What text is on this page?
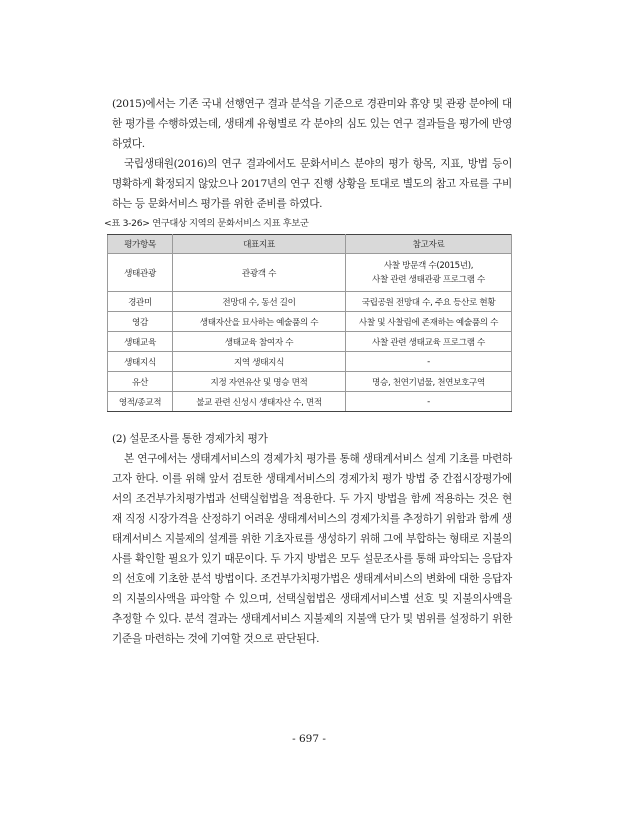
(2015)에서는 기존 국내 선행연구 결과 분석을 기준으로 경관미와 휴양 및 관광 분야에 대한 평가를 수행하였는데, 생태계 유형별로 각 분야의 심도 있는 연구 결과들을 평가에 반영하였다.

국립생태원(2016)의 연구 결과에서도 문화서비스 분야의 평가 항목, 지표, 방법 등이 명확하게 확정되지 않았으나 2017년의 연구 진행 상황을 토대로 별도의 참고 자료를 구비하는 등 문화서비스 평가를 위한 준비를 하였다.

<표 3-26> 연구대상 지역의 문화서비스 지표 후보군

평가항목	대표지표	참고자료
생태관광	관광객 수	사찰 방문객 수(2015년),
사찰 관련 생태관광 프로그램 수

경관미	전망대 수, 동선 길이	국립공원 전망대 수, 주요 등산로 현황
영감	생태자산을 묘사하는 예술품의 수	사찰 및 사찰림에 존재하는 예술품의 수
생태교육	생태교육 참여자 수	사찰 관련 생태교육 프로그램 수
생태지식	지역 생태지식	-
유산	지정 자연유산 및 명승 면적	명승, 천연기념물, 천연보호구역
영적/종교적	불교 관련 신성시 생태자산 수, 면적	-

(2) 설문조사를 통한 경제가치 평가

본 연구에서는 생태계서비스의 경제가치 평가를 통해 생태계서비스 설계 기초를 마련하고자 한다. 이를 위해 앞서 검토한 생태계서비스의 경제가치 평가 방법 중 간접시장평가에서의 조건부가치평가법과 선택실험법을 적용한다. 두 가지 방법을 함께 적용하는 것은 현재 직정 시장가격을 산정하기 어려운 생태계서비스의 경제가치를 추정하기 위함과 함께 생태계서비스 지불제의 설계를 위한 기초자료를 생성하기 위해 그에 부합하는 형태로 지불의사를 확인할 필요가 있기 때문이다. 두 가지 방법은 모두 설문조사를 통해 파악되는 응답자의 선호에 기초한 분석 방법이다. 조건부가치평가법은 생태계서비스의 변화에 대한 응답자의 지불의사액을 파악할 수 있으며, 선택실험법은 생태계서비스별 선호 및 지불의사액을 추정할 수 있다. 분석 결과는 생태계서비스 지불제의 지불액 단가 및 범위를 설정하기 위한 기준을 마련하는 것에 기여할 것으로 판단된다.

- 697 -
